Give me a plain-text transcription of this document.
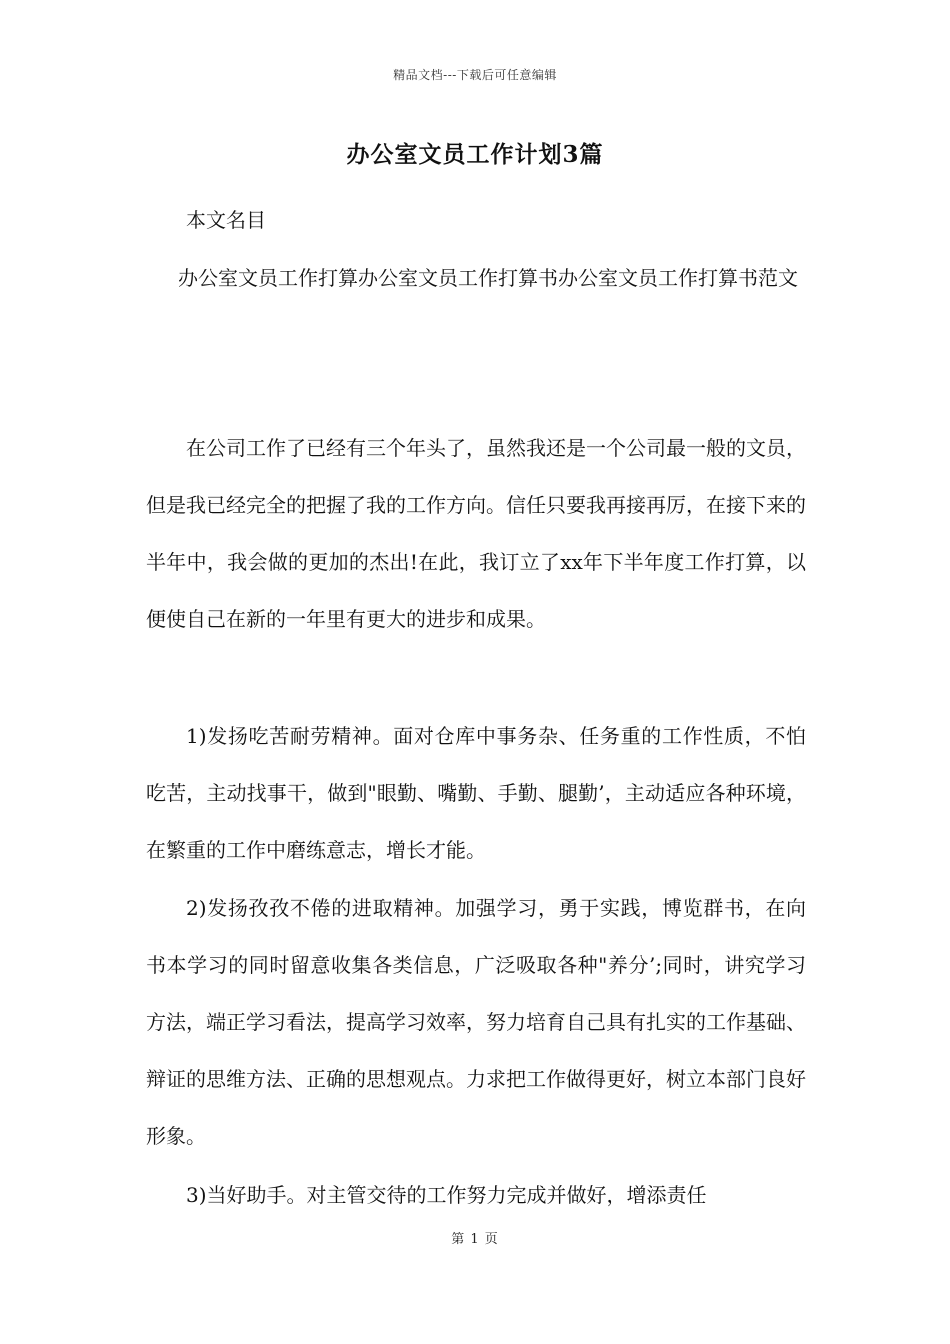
精品文档---下载后可任意编辑
办公室文员工作计划3篇

本文名目

办公室文员工作打算办公室文员工作打算书办公室文员工作打算书范文

在公司工作了已经有三个年头了，虽然我还是一个公司最一般的文员，但是我已经完全的把握了我的工作方向。信任只要我再接再厉，在接下来的半年中，我会做的更加的杰出!在此，我订立了xx年下半年度工作打算，以便使自己在新的一年里有更大的进步和成果。

1)发扬吃苦耐劳精神。面对仓库中事务杂、任务重的工作性质，不怕吃苦，主动找事干，做到"眼勤、嘴勤、手勤、腿勤’，主动适应各种环境，在繁重的工作中磨练意志，增长才能。

2)发扬孜孜不倦的进取精神。加强学习，勇于实践，博览群书，在向书本学习的同时留意收集各类信息，广泛吸取各种"养分’;同时，讲究学习方法，端正学习看法，提高学习效率，努力培育自己具有扎实的工作基础、辩证的思维方法、正确的思想观点。力求把工作做得更好，树立本部门良好形象。

3)当好助手。对主管交待的工作努力完成并做好，增添责任

第 1 页
